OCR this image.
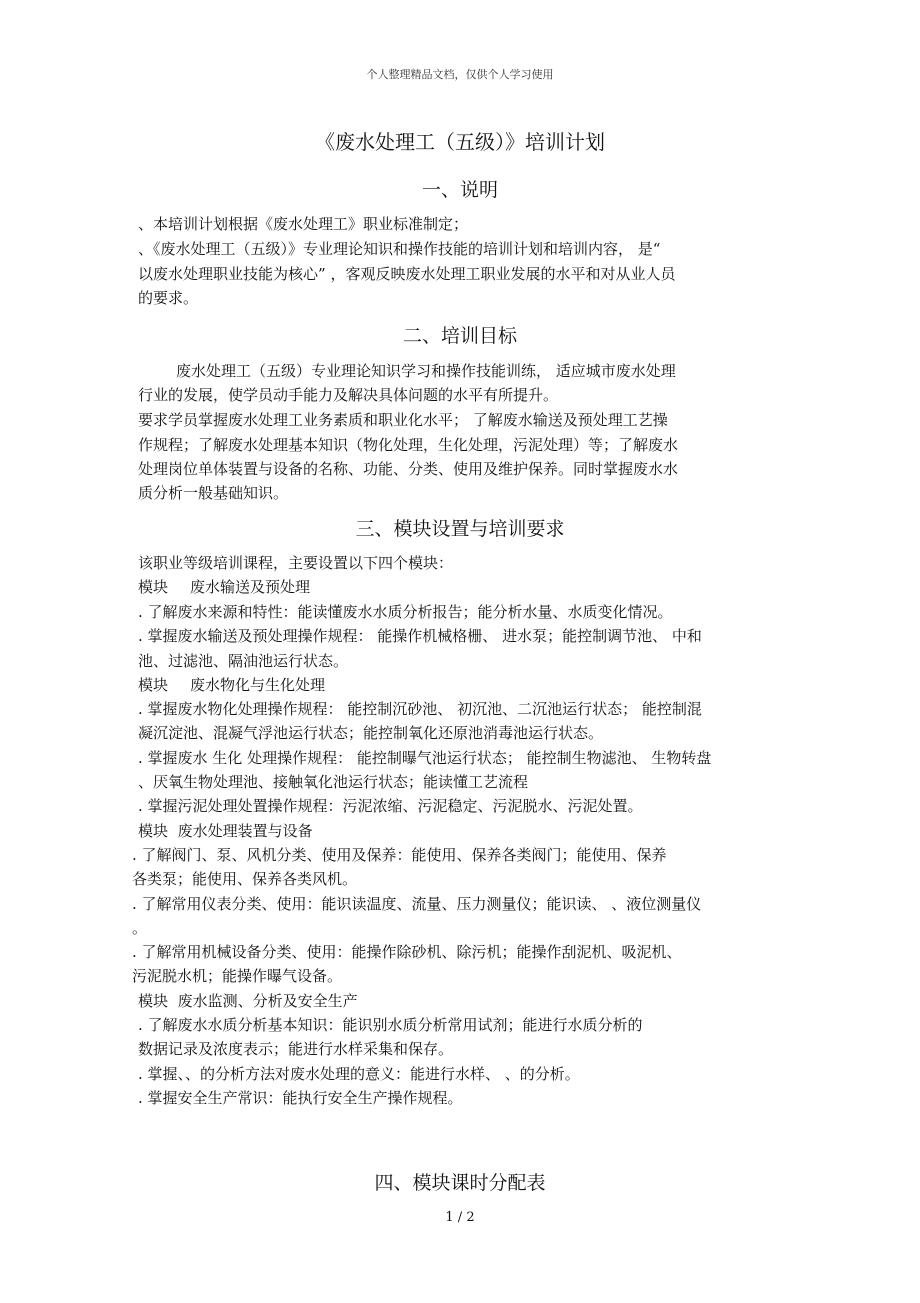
个人整理精品文档，仅供个人学习使用
《废水处理工（五级）》培训计划
一、说明
、本培训计划根据《废水处理工》职业标准制定；
、《废水处理工（五级）》专业理论知识和操作技能的培训计划和培训内容， 是“
以废水处理职业技能为核心” ，客观反映废水处理工职业发展的水平和对从业人员
的要求。
二、培训目标
废水处理工（五级）专业理论知识学习和操作技能训练， 适应城市废水处理
行业的发展，使学员动手能力及解决具体问题的水平有所提升。
要求学员掌握废水处理工业务素质和职业化水平； 了解废水输送及预处理工艺操
作规程；了解废水处理基本知识（物化处理，生化处理，污泥处理）等；了解废水
处理岗位单体装置与设备的名称、功能、分类、使用及维护保养。同时掌握废水水
质分析一般基础知识。
三、模块设置与培训要求
该职业等级培训课程，主要设置以下四个模块：
模块 废水输送及预处理
. 了解废水来源和特性：能读懂废水水质分析报告；能分析水量、水质变化情况。
. 掌握废水输送及预处理操作规程： 能操作机械格栅、 进水泵；能控制调节池、 中和
池、过滤池、隔油池运行状态。
模块 废水物化与生化处理
. 掌握废水物化处理操作规程： 能控制沉砂池、 初沉池、二沉池运行状态； 能控制混
凝沉淀池、混凝气浮池运行状态；能控制氧化还原池消毒池运行状态。
. 掌握废水 生化 处理操作规程： 能控制曝气池运行状态； 能控制生物滤池、 生物转盘
、厌氧生物处理池、接触氧化池运行状态；能读懂工艺流程
. 掌握污泥处理处置操作规程：污泥浓缩、污泥稳定、污泥脱水、污泥处置。
模块 废水处理装置与设备
. 了解阀门、泵、风机分类、使用及保养：能使用、保养各类阀门；能使用、保养
各类泵；能使用、保养各类风机。
. 了解常用仪表分类、使用：能识读温度、流量、压力测量仪；能识读、 、液位测量仪
。
. 了解常用机械设备分类、使用：能操作除砂机、除污机；能操作刮泥机、吸泥机、
污泥脱水机；能操作曝气设备。
模块 废水监测、分析及安全生产
. 了解废水水质分析基本知识：能识别水质分析常用试剂；能进行水质分析的
数据记录及浓度表示；能进行水样采集和保存。
. 掌握、、的分析方法对废水处理的意义：能进行水样、 、的分析。
. 掌握安全生产常识：能执行安全生产操作规程。
四、模块课时分配表
1 / 2
